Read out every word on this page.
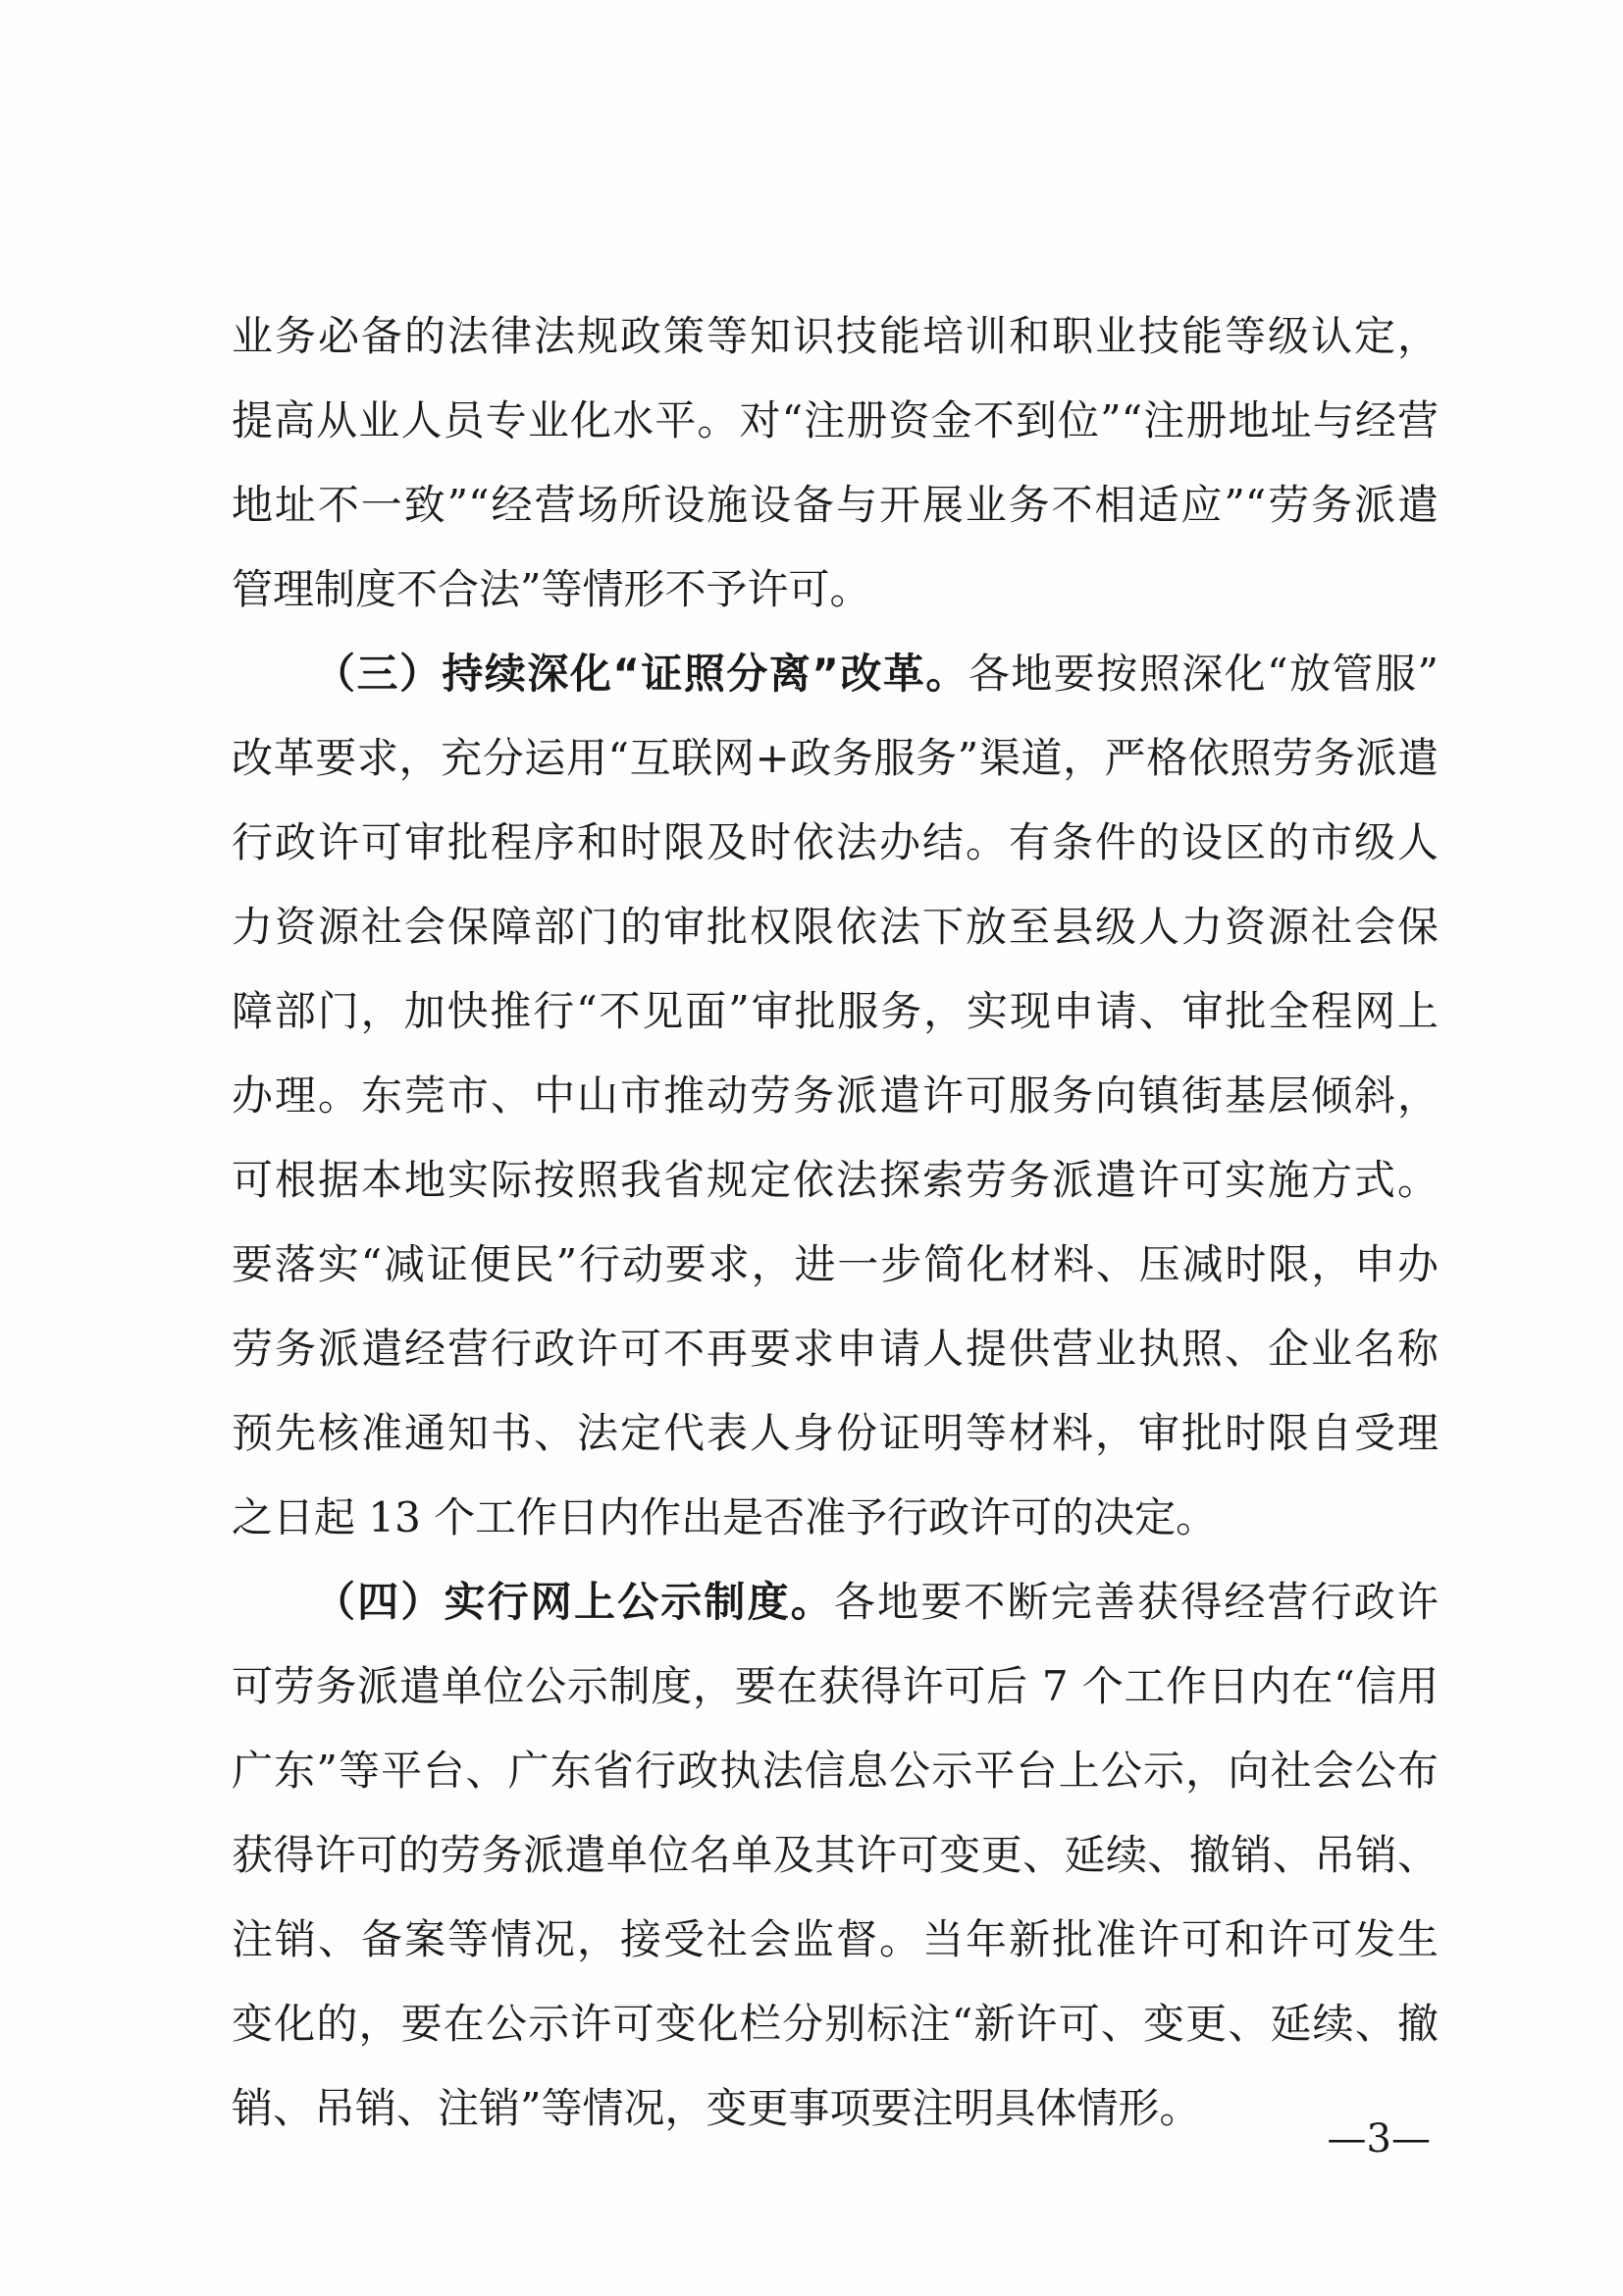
业务必备的法律法规政策等知识技能培训和职业技能等级认定，
提高从业人员专业化水平。对“注册资金不到位”“注册地址与经营
地址不一致”“经营场所设施设备与开展业务不相适应”“劳务派遣
管理制度不合法”等情形不予许可。
（三）持续深化“证照分离”改革。各地要按照深化“放管服”
改革要求，充分运用“互联网+政务服务”渠道，严格依照劳务派遣
行政许可审批程序和时限及时依法办结。有条件的设区的市级人
力资源社会保障部门的审批权限依法下放至县级人力资源社会保
障部门，加快推行“不见面”审批服务，实现申请、审批全程网上
办理。东莞市、中山市推动劳务派遣许可服务向镇街基层倾斜，
可根据本地实际按照我省规定依法探索劳务派遣许可实施方式。
要落实“减证便民”行动要求，进一步简化材料、压减时限，申办
劳务派遣经营行政许可不再要求申请人提供营业执照、企业名称
预先核准通知书、法定代表人身份证明等材料，审批时限自受理
之日起 13 个工作日内作出是否准予行政许可的决定。
（四）实行网上公示制度。各地要不断完善获得经营行政许
可劳务派遣单位公示制度，要在获得许可后 7 个工作日内在“信用
广东”等平台、广东省行政执法信息公示平台上公示，向社会公布
获得许可的劳务派遣单位名单及其许可变更、延续、撤销、吊销、
注销、备案等情况，接受社会监督。当年新批准许可和许可发生
变化的，要在公示许可变化栏分别标注“新许可、变更、延续、撤
销、吊销、注销”等情况，变更事项要注明具体情形。
—3—
